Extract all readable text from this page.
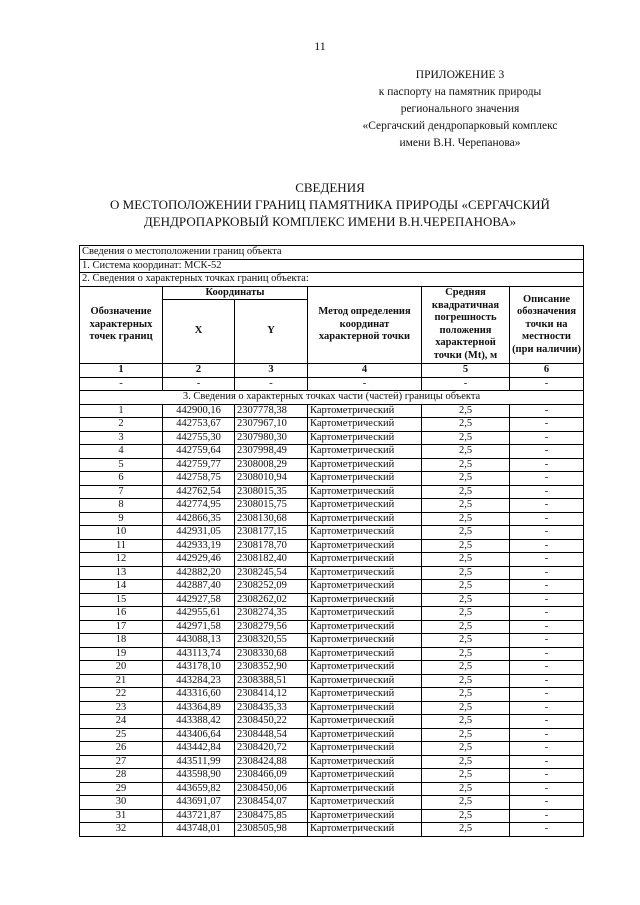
11
ПРИЛОЖЕНИЕ 3
к паспорту на памятник природы
регионального значения
«Сергачский дендропарковый комплекс
имени В.Н. Черепанова»
СВЕДЕНИЯ
О МЕСТОПОЛОЖЕНИИ ГРАНИЦ ПАМЯТНИКА ПРИРОДЫ «СЕРГАЧСКИЙ
ДЕНДРОПАРКОВЫЙ КОМПЛЕКС ИМЕНИ В.Н.ЧЕРЕПАНОВА»
Сведения о местоположении границ объекта					
1. Система координат: МСК-52					
2. Сведения о характерных точках границ объекта:					
Обозначение характерных точек границ	Координаты		Метод определения координат характерной точки	Средняя квадратичная погрешность положения характерной точки (Mt), м	Описание обозначения точки на местности (при наличии)
	X	Y			
1	2	3	4	5	6
-	-	-	-	-	-
3. Сведения о характерных точках части (частей) границы объекта					
1	442900,16	2307778,38	Картометрический	2,5	-
2	442753,67	2307967,10	Картометрический	2,5	-
3	442755,30	2307980,30	Картометрический	2,5	-
4	442759,64	2307998,49	Картометрический	2,5	-
5	442759,77	2308008,29	Картометрический	2,5	-
6	442758,75	2308010,94	Картометрический	2,5	-
7	442762,54	2308015,35	Картометрический	2,5	-
8	442774,95	2308015,75	Картометрический	2,5	-
9	442866,35	2308130,68	Картометрический	2,5	-
10	442931,05	2308177,15	Картометрический	2,5	-
11	442933,19	2308178,70	Картометрический	2,5	-
12	442929,46	2308182,40	Картометрический	2,5	-
13	442882,20	2308245,54	Картометрический	2,5	-
14	442887,40	2308252,09	Картометрический	2,5	-
15	442927,58	2308262,02	Картометрический	2,5	-
16	442955,61	2308274,35	Картометрический	2,5	-
17	442971,58	2308279,56	Картометрический	2,5	-
18	443088,13	2308320,55	Картометрический	2,5	-
19	443113,74	2308330,68	Картометрический	2,5	-
20	443178,10	2308352,90	Картометрический	2,5	-
21	443284,23	2308388,51	Картометрический	2,5	-
22	443316,60	2308414,12	Картометрический	2,5	-
23	443364,89	2308435,33	Картометрический	2,5	-
24	443388,42	2308450,22	Картометрический	2,5	-
25	443406,64	2308448,54	Картометрический	2,5	-
26	443442,84	2308420,72	Картометрический	2,5	-
27	443511,99	2308424,88	Картометрический	2,5	-
28	443598,90	2308466,09	Картометрический	2,5	-
29	443659,82	2308450,06	Картометрический	2,5	-
30	443691,07	2308454,07	Картометрический	2,5	-
31	443721,87	2308475,85	Картометрический	2,5	-
32	443748,01	2308505,98	Картометрический	2,5	-
